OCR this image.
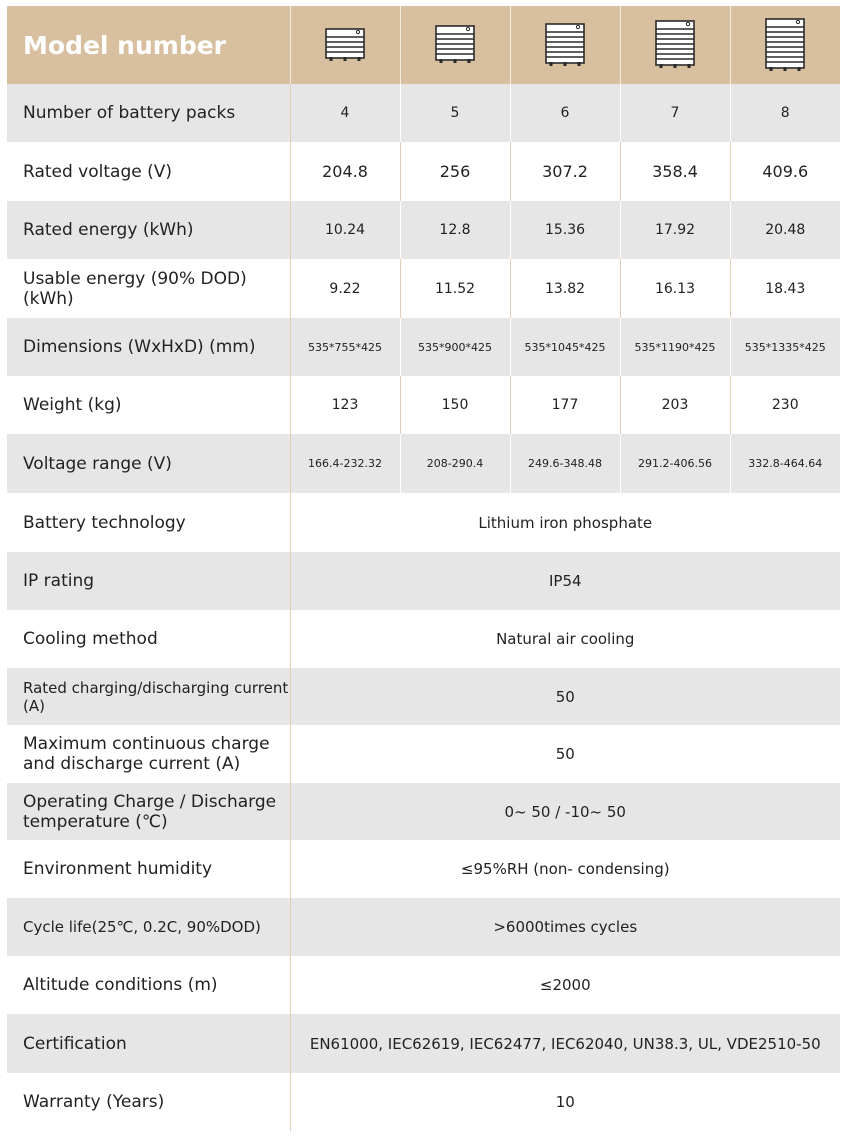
Model number	

Number of battery packs	4	5	6	7	8
Rated voltage (V)	204.8	256	307.2	358.4	409.6
Rated energy (kWh)	10.24	12.8	15.36	17.92	20.48
Usable energy (90% DOD)
(kWh)	9.22	11.52	13.82	16.13	18.43
Dimensions (WxHxD) (mm)	535*755*425	535*900*425	535*1045*425	535*1190*425	535*1335*425
Weight (kg)	123	150	177	203	230
Voltage range (V)	166.4-232.32	208-290.4	249.6-348.48	291.2-406.56	332.8-464.64
Battery technology	Lithium iron phosphate				
IP rating	IP54				
Cooling method	Natural air cooling				
Rated charging/discharging current (A)	50				
Maximum continuous charge and discharge current (A)	50				
Operating Charge / Discharge temperature (℃)	0~ 50 / -10~ 50				
Environment humidity	≤95%RH (non- condensing)				
Cycle life(25℃, 0.2C, 90%DOD)	>6000times cycles				
Altitude conditions (m)	≤2000				
Certification	EN61000, IEC62619, IEC62477, IEC62040, UN38.3, UL, VDE2510-50				
Warranty (Years)	10				
